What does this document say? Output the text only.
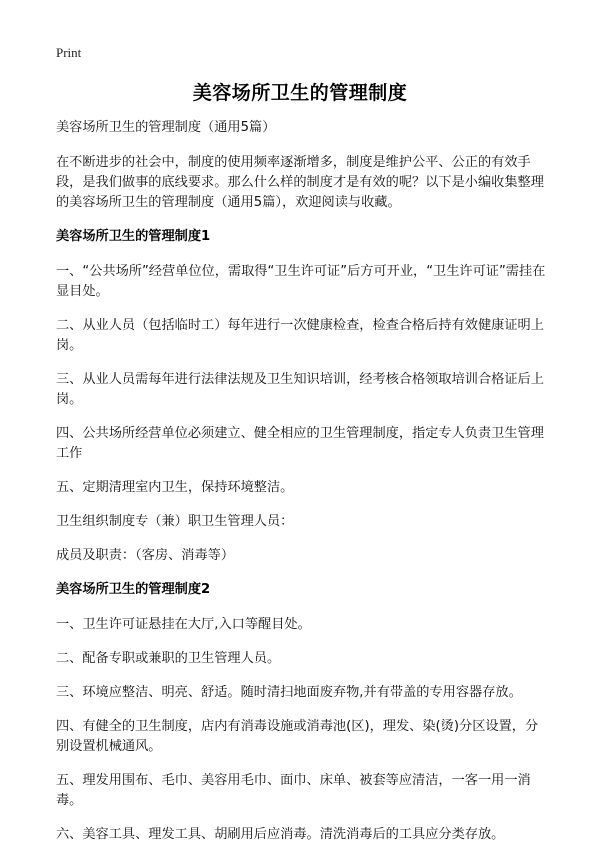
Print
美容场所卫生的管理制度

美容场所卫生的管理制度（通用5篇）

在不断进步的社会中，制度的使用频率逐渐增多，制度是维护公平、公正的有效手段，是我们做事的底线要求。那么什么样的制度才是有效的呢？以下是小编收集整理的美容场所卫生的管理制度（通用5篇），欢迎阅读与收藏。

美容场所卫生的管理制度1

一、“公共场所”经营单位位，需取得“卫生许可证”后方可开业，“卫生许可证”需挂在显目处。

二、从业人员（包括临时工）每年进行一次健康检查，检查合格后持有效健康证明上岗。

三、从业人员需每年进行法律法规及卫生知识培训，经考核合格领取培训合格证后上岗。

四、公共场所经营单位必须建立、健全相应的卫生管理制度，指定专人负责卫生管理工作

五、定期清理室内卫生，保持环境整洁。

卫生组织制度专（兼）职卫生管理人员：

成员及职责：（客房、消毒等）

美容场所卫生的管理制度2

一、卫生许可证悬挂在大厅,入口等醒目处。

二、配备专职或兼职的卫生管理人员。

三、环境应整洁、明亮、舒适。随时清扫地面废弃物,并有带盖的专用容器存放。

四、有健全的卫生制度，店内有消毒设施或消毒池(区)，理发、染(烫)分区设置，分别设置机械通风。

五、理发用围布、毛巾、美容用毛巾、面巾、床单、被套等应清洁，一客一用一消毒。

六、美容工具、理发工具、胡刷用后应消毒。清洗消毒后的工具应分类存放。
